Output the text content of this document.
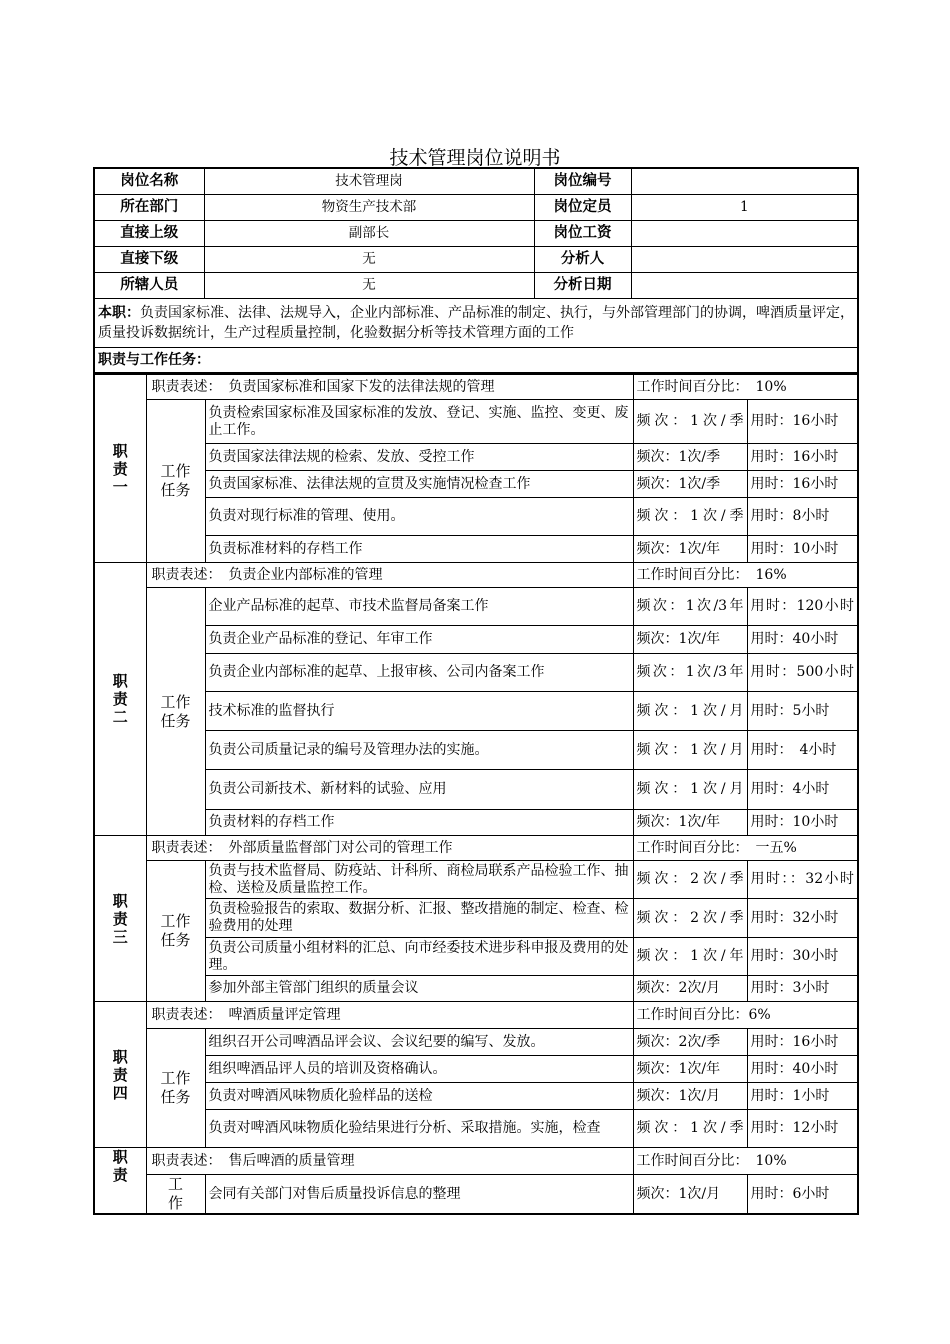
技术管理岗位说明书
岗位名称	技术管理岗	岗位编号	
所在部门	物资生产技术部	岗位定员	1
直接上级	副部长	岗位工资	
直接下级	无	分析人	
所辖人员	无	分析日期	
本职：负责国家标准、法律、法规导入，企业内部标准、产品标准的制定、执行，与外部管理部门的协调，啤酒质量评定，质量投诉数据统计，生产过程质量控制，化验数据分析等技术管理方面的工作			
职责与工作任务：			
职
责
一	职责表述：　负责国家标准和国家下发的法律法规的管理		工作时间百分比：　10%	
	工作
任务	负责检索国家标准及国家标准的发放、登记、实施、监控、变更、废止工作。	频次：1次/季	用时：16小时
		负责国家法律法规的检索、发放、受控工作	频次：1次/季	用时：16小时
		负责国家标准、法律法规的宣贯及实施情况检查工作	频次：1次/季	用时：16小时
		负责对现行标准的管理、使用。	频次：1次/季	用时：8小时
		负责标准材料的存档工作	频次：1次/年	用时：10小时
职
责
二	职责表述：　负责企业内部标准的管理		工作时间百分比：　16%	
	工作
任务	企业产品标准的起草、市技术监督局备案工作	频次：1次/3年	用时：120小时
		负责企业产品标准的登记、年审工作	频次：1次/年	用时：40小时
		负责企业内部标准的起草、上报审核、公司内备案工作	频次：1次/3年	用时：500小时
		技术标准的监督执行	频次：1次/月	用时：5小时
		负责公司质量记录的编号及管理办法的实施。	频次：1次/月	用时：　4小时
		负责公司新技术、新材料的试验、应用	频次：1次/月	用时：4小时
		负责材料的存档工作	频次：1次/年	用时：10小时
职
责
三	职责表述：　外部质量监督部门对公司的管理工作		工作时间百分比：　一五%	
	工作
任务	负责与技术监督局、防疫站、计科所、商检局联系产品检验工作、抽检、送检及质量监控工作。	频次：2次/季	用时：：32小时
		负责检验报告的索取、数据分析、汇报、整改措施的制定、检查、检验费用的处理	频次：2次/季	用时：32小时
		负责公司质量小组材料的汇总、向市经委技术进步科申报及费用的处理。	频次：1次/年	用时：30小时
		参加外部主管部门组织的质量会议	频次：2次/月	用时：3小时
职
责
四	职责表述：　啤酒质量评定管理		工作时间百分比：6%	
	工作
任务	组织召开公司啤酒品评会议、会议纪要的编写、发放。	频次：2次/季	用时：16小时
		组织啤酒品评人员的培训及资格确认。	频次：1次/年	用时：40小时
		负责对啤酒风味物质化验样品的送检	频次：1次/月	用时：1小时
		负责对啤酒风味物质化验结果进行分析、采取措施。实施，检查	频次：1次/季	用时：12小时
职
责	职责表述：　售后啤酒的质量管理		工作时间百分比：　10%	
	工
作	会同有关部门对售后质量投诉信息的整理	频次：1次/月	用时：6小时
